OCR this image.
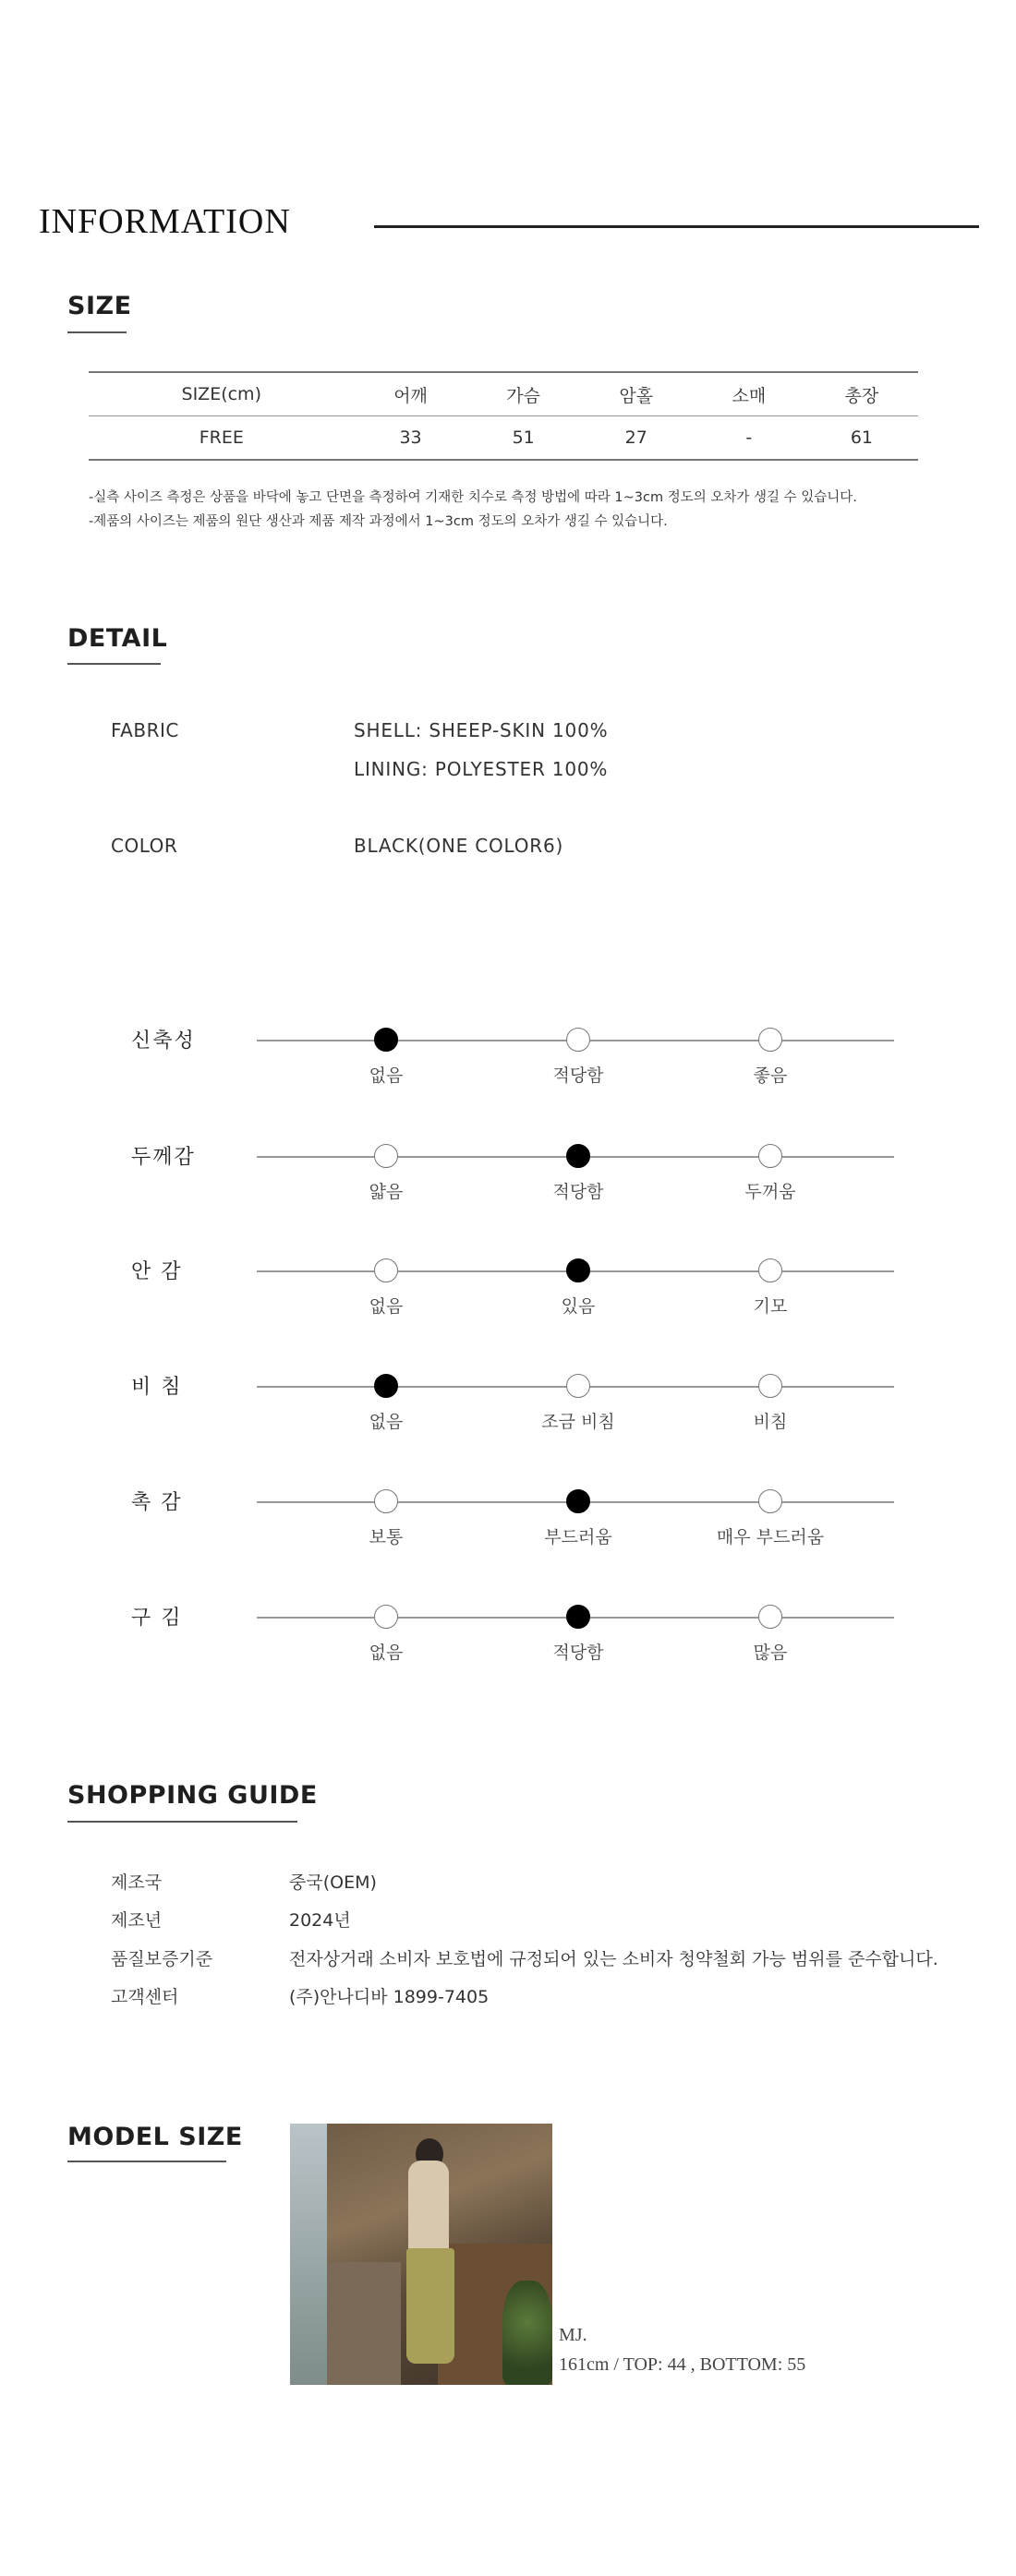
INFORMATION
SIZE
SIZE(cm)	어깨	가슴	암홀	소매	총장
FREE	33	51	27	-	61
-실측 사이즈 측정은 상품을 바닥에 놓고 단면을 측정하여 기재한 치수로 측정 방법에 따라 1~3cm 정도의 오차가 생길 수 있습니다.
-제품의 사이즈는 제품의 원단 생산과 제품 제작 과정에서 1~3cm 정도의 오차가 생길 수 있습니다.
DETAIL
FABRIC	SHELL: SHEEP-SKIN 100%
LINING: POLYESTER 100%
COLOR	BLACK(ONE COLOR6)
신축성
없음	적당함	좋음
두께감
얇음	적당함	두꺼움
안 감
없음	있음	기모
비 침
없음	조금 비침	비침
촉 감
보통	부드러움	매우 부드러움
구 김
없음	적당함	많음
SHOPPING GUIDE
제조국	중국(OEM)
제조년	2024년
품질보증기준	전자상거래 소비자 보호법에 규정되어 있는 소비자 청약철회 가능 범위를 준수합니다.
고객센터	(주)안나디바 1899-7405
MODEL SIZE
MJ.
161cm / TOP: 44 , BOTTOM: 55
